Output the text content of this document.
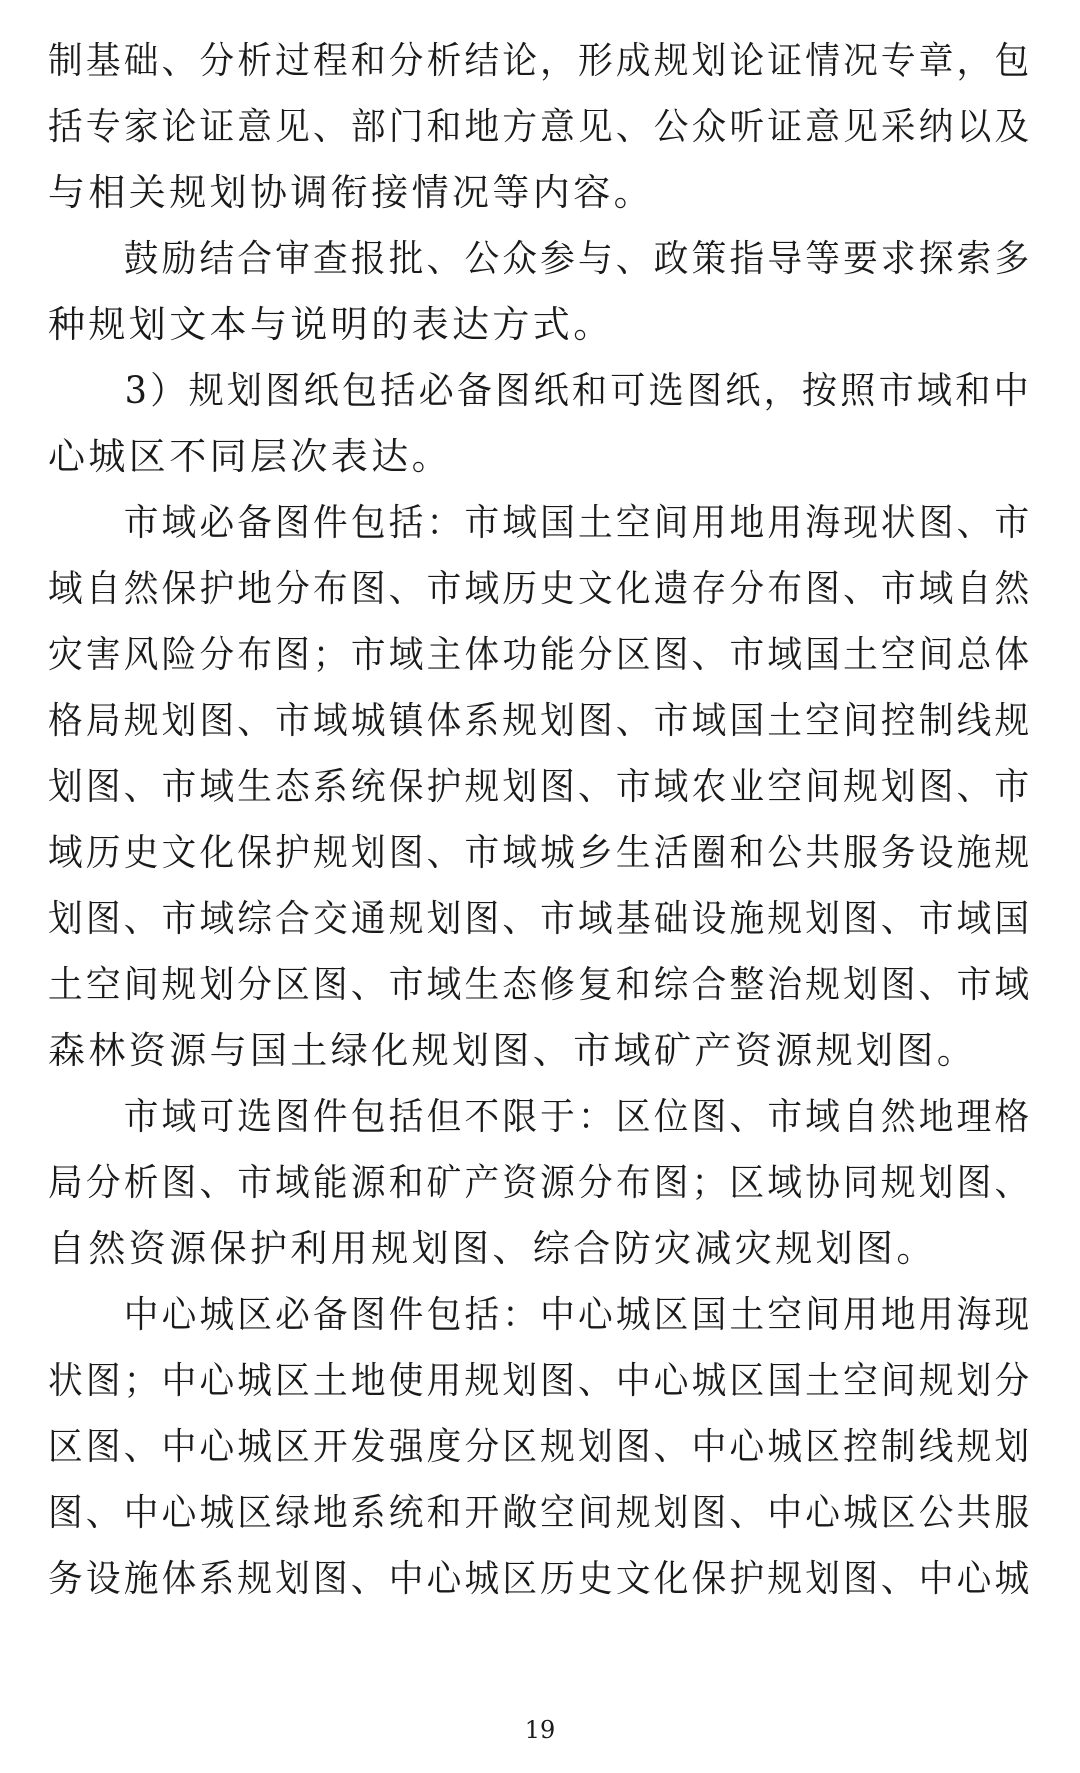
制基础、分析过程和分析结论，形成规划论证情况专章，包
括专家论证意见、部门和地方意见、公众听证意见采纳以及
与相关规划协调衔接情况等内容。
　　鼓励结合审查报批、公众参与、政策指导等要求探索多
种规划文本与说明的表达方式。
　　3）规划图纸包括必备图纸和可选图纸，按照市域和中
心城区不同层次表达。
　　市域必备图件包括：市域国土空间用地用海现状图、市
域自然保护地分布图、市域历史文化遗存分布图、市域自然
灾害风险分布图；市域主体功能分区图、市域国土空间总体
格局规划图、市域城镇体系规划图、市域国土空间控制线规
划图、市域生态系统保护规划图、市域农业空间规划图、市
域历史文化保护规划图、市域城乡生活圈和公共服务设施规
划图、市域综合交通规划图、市域基础设施规划图、市域国
土空间规划分区图、市域生态修复和综合整治规划图、市域
森林资源与国土绿化规划图、市域矿产资源规划图。
　　市域可选图件包括但不限于：区位图、市域自然地理格
局分析图、市域能源和矿产资源分布图；区域协同规划图、
自然资源保护利用规划图、综合防灾减灾规划图。
　　中心城区必备图件包括：中心城区国土空间用地用海现
状图；中心城区土地使用规划图、中心城区国土空间规划分
区图、中心城区开发强度分区规划图、中心城区控制线规划
图、中心城区绿地系统和开敞空间规划图、中心城区公共服
务设施体系规划图、中心城区历史文化保护规划图、中心城
19
